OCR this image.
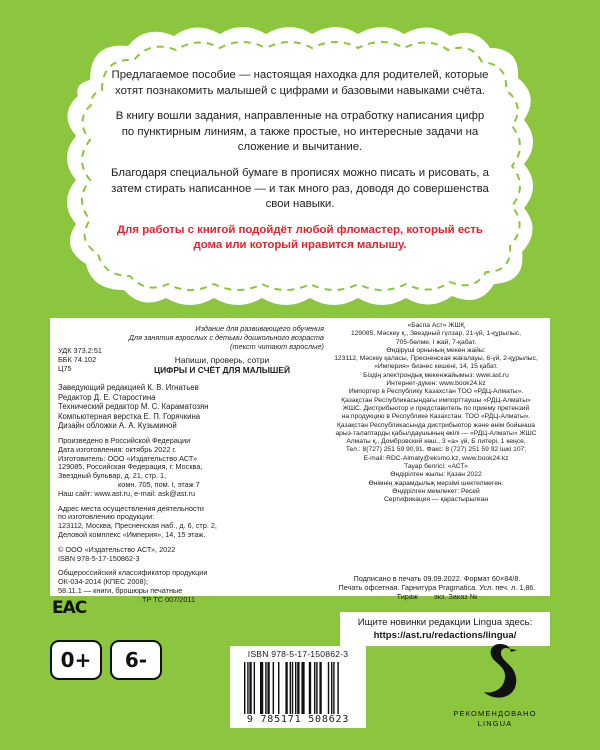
Предлагаемое пособие — настоящая находка для родителей, которые хотят познакомить малышей с цифрами и базовыми навыками счёта.

В книгу вошли задания, направленные на отработку написания цифр по пунктирным линиям, а также простые, но интересные задачи на сложение и вычитание.

Благодаря специальной бумаге в прописях можно писать и рисовать, а затем стирать написанное — и так много раз, доводя до совершенства свои навыки.

Для работы с книгой подойдёт любой фломастер, который есть дома или который нравится малышу.

Издание для развивающего обучения
Для занятия взрослых с детьми дошкольного возраста
(текст читают взрослые)
УДК 373.2:51
ББК 74.102
Ц75
Напиши, проверь, сотри
ЦИФРЫ И СЧЁТ ДЛЯ МАЛЫШЕЙ
Заведующий редакцией К. В. Игнатьев
Редактор Д. Е. Старостина
Технический редактор М. С. Караматозян
Компьютерная верстка Е. П. Горячкина
Дизайн обложки А. А. Кузьминой
Произведено в Российской Федерации
Дата изготовления: октябрь 2022 г.
Изготовитель: ООО «Издательство АСТ»
129085, Российская Федерация, г. Москва,
Звездный бульвар, д. 21, стр. 1,
комн. 705, пом. I, этаж 7
Наш сайт: www.ast.ru, e-mail: ask@ast.ru
Адрес места осуществления деятельности
по изготовлению продукции:
123112, Москва, Пресненская наб., д. 6, стр. 2,
Деловой комплекс «Империя», 14, 15 этаж.
© ООО «Издательство АСТ», 2022
ISBN 978-5-17-150862-3
Общероссийский классификатор продукции
ОК-034-2014 (КПЕС 2008);
58.11.1 — книги, брошюры печатные
ТР ТС 007/2011
«Баспа Аст» ЖШҚ
129085, Мәскеу қ., Звездный гүлзар, 21-үй, 1-құрылыс,
705-бөлме, I жай, 7-қабат.
Өндіруші орнының мекен жайы:
123112, Мәскеу қаласы, Пресненская жағалауы, 6-үй, 2-құрылыс,
«Империя» бизнес кешені, 14, 15 қабат.
Біздің электрондық мекенжайымыз: www.ast.ru
Интернет-дүкен: www.book24.kz
Импортер в Республику Казахстан ТОО «РДЦ-Алматы».
Қазақстан Республикасындағы импорттаушы «РДЦ-Алматы»
ЖШС. Дистрибьютор и представитель по приему претензий
на продукцию в Республике Казахстан: ТОО «РДЦ-Алматы».
Қазақстан Республикасында дистрибьютор және өнім бойынша
арыз-талаптарды қабылдаушының өкілі — «РДЦ-Алматы» ЖШС
Алматы қ., Домбровский көш., 3 «а» үй, Б литері, 1 кеңсе.
Тел.: 8(727) 251 59 90,91. Факс: 8 (727) 251 59 92 ішкі 107;
E-mail: RDC-Almaty@eksmo.kz, www.book24.kz
Тауар белгісі: «АСТ»
Өндірілген жылы: Қазан 2022
Өнімнің жарамдылық мерзімі шектелмеген.
Өндірілген мемлекет: Ресей
Сертификация — қарастырылған
Подписано в печать 09.09.2022. Формат 60×84/8.
Печать офсетная. Гарнитура Pragmatica. Усл. печ. л. 1,86.
Тираж        экз. Заказ №
Ищите новинки редакции Lingua здесь:
https://ast.ru/redactions/lingua/
EAC
0+	6-	ISBN 978-5-17-150862-3
9 785171 508623
РЕКОМЕНДОВАНО
LINGUA
